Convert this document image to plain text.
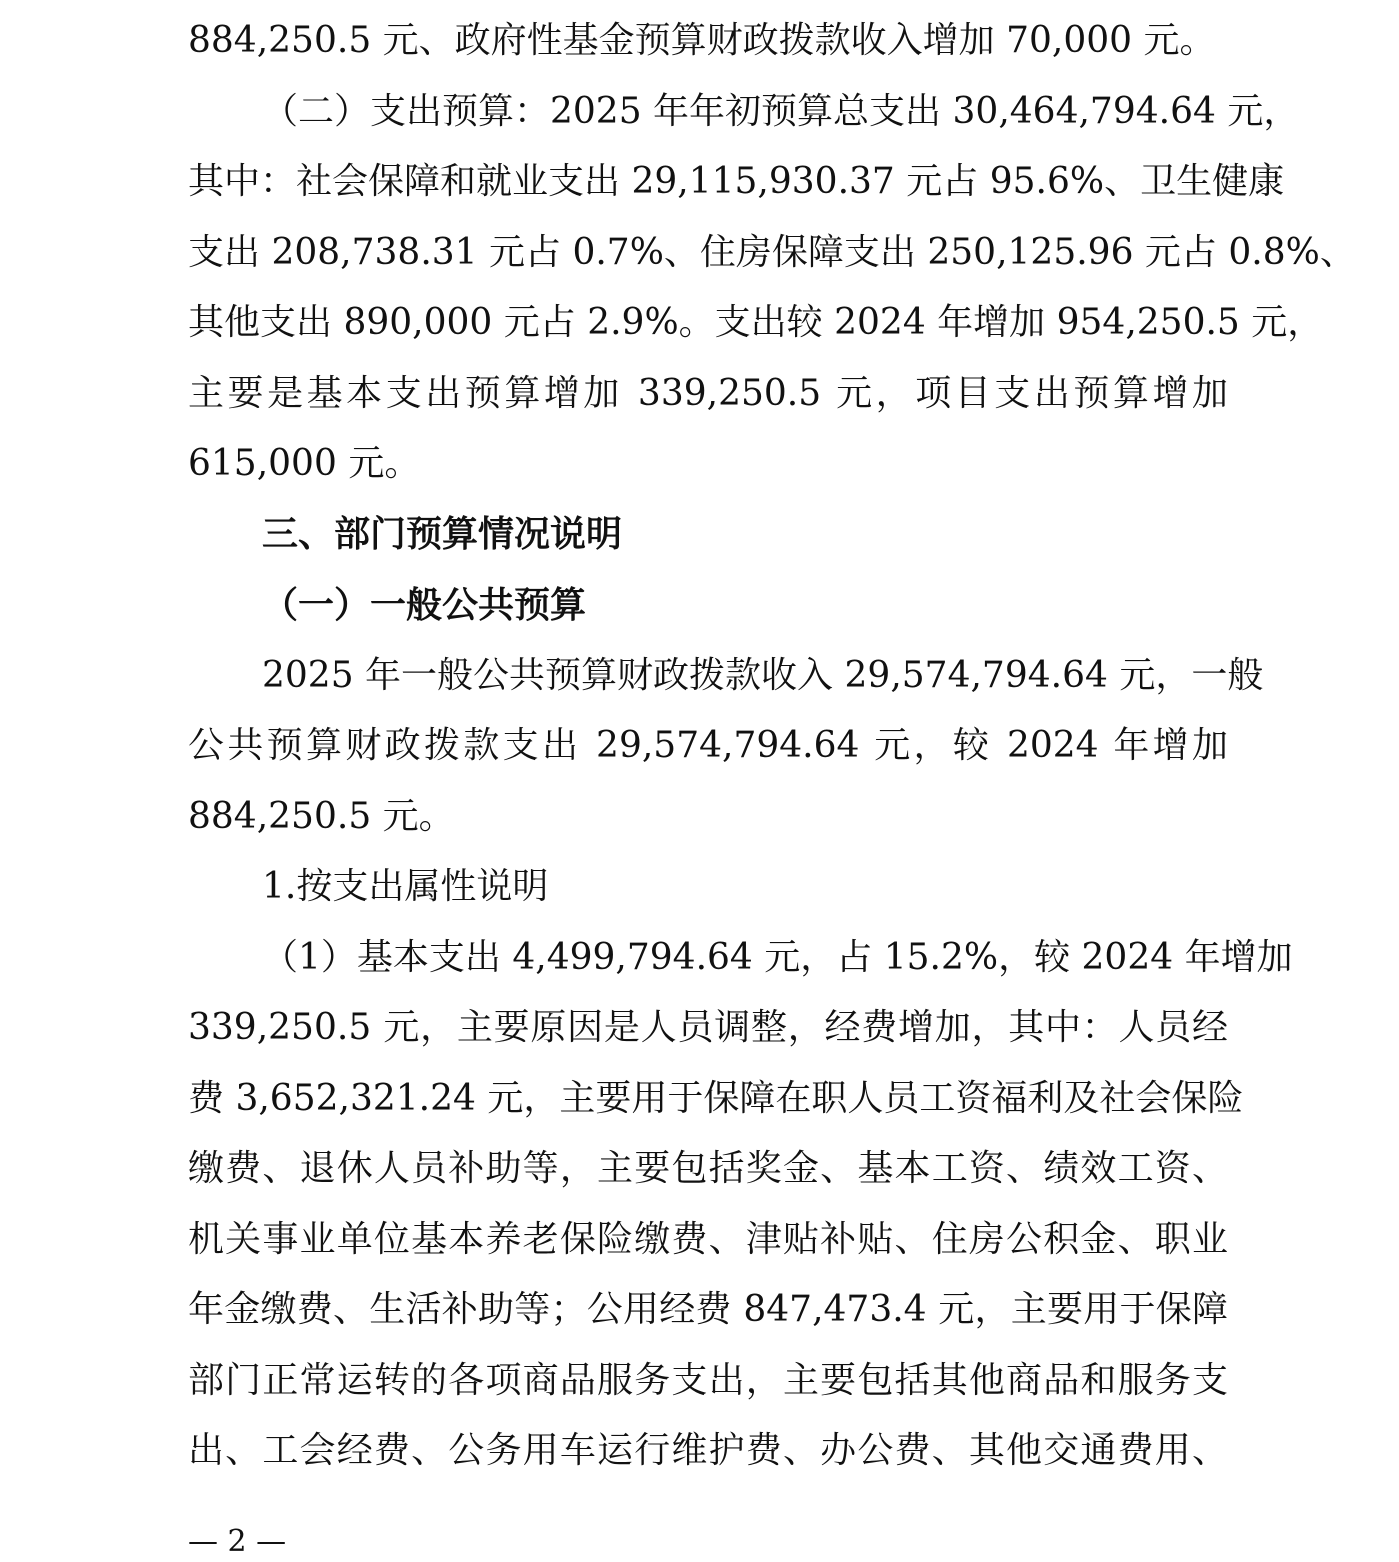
884,250.5 元、政府性基金预算财政拨款收入增加 70,000 元。
（二）支出预算：2025 年年初预算总支出 30,464,794.64 元，
其中：社会保障和就业支出 29,115,930.37 元占 95.6%、卫生健康
支出 208,738.31 元占 0.7%、住房保障支出 250,125.96 元占 0.8%、
其他支出 890,000 元占 2.9%。支出较 2024 年增加 954,250.5 元，
主要是基本支出预算增加 339,250.5 元，项目支出预算增加
615,000 元。
三、部门预算情况说明
（一）一般公共预算
2025 年一般公共预算财政拨款收入 29,574,794.64 元，一般
公共预算财政拨款支出 29,574,794.64 元，较 2024 年增加
884,250.5 元。
1.按支出属性说明
（1）基本支出 4,499,794.64 元，占 15.2%，较 2024 年增加
339,250.5 元，主要原因是人员调整，经费增加，其中：人员经
费 3,652,321.24 元，主要用于保障在职人员工资福利及社会保险
缴费、退休人员补助等，主要包括奖金、基本工资、绩效工资、
机关事业单位基本养老保险缴费、津贴补贴、住房公积金、职业
年金缴费、生活补助等；公用经费 847,473.4 元，主要用于保障
部门正常运转的各项商品服务支出，主要包括其他商品和服务支
出、工会经费、公务用车运行维护费、办公费、其他交通费用、
— 2 —
